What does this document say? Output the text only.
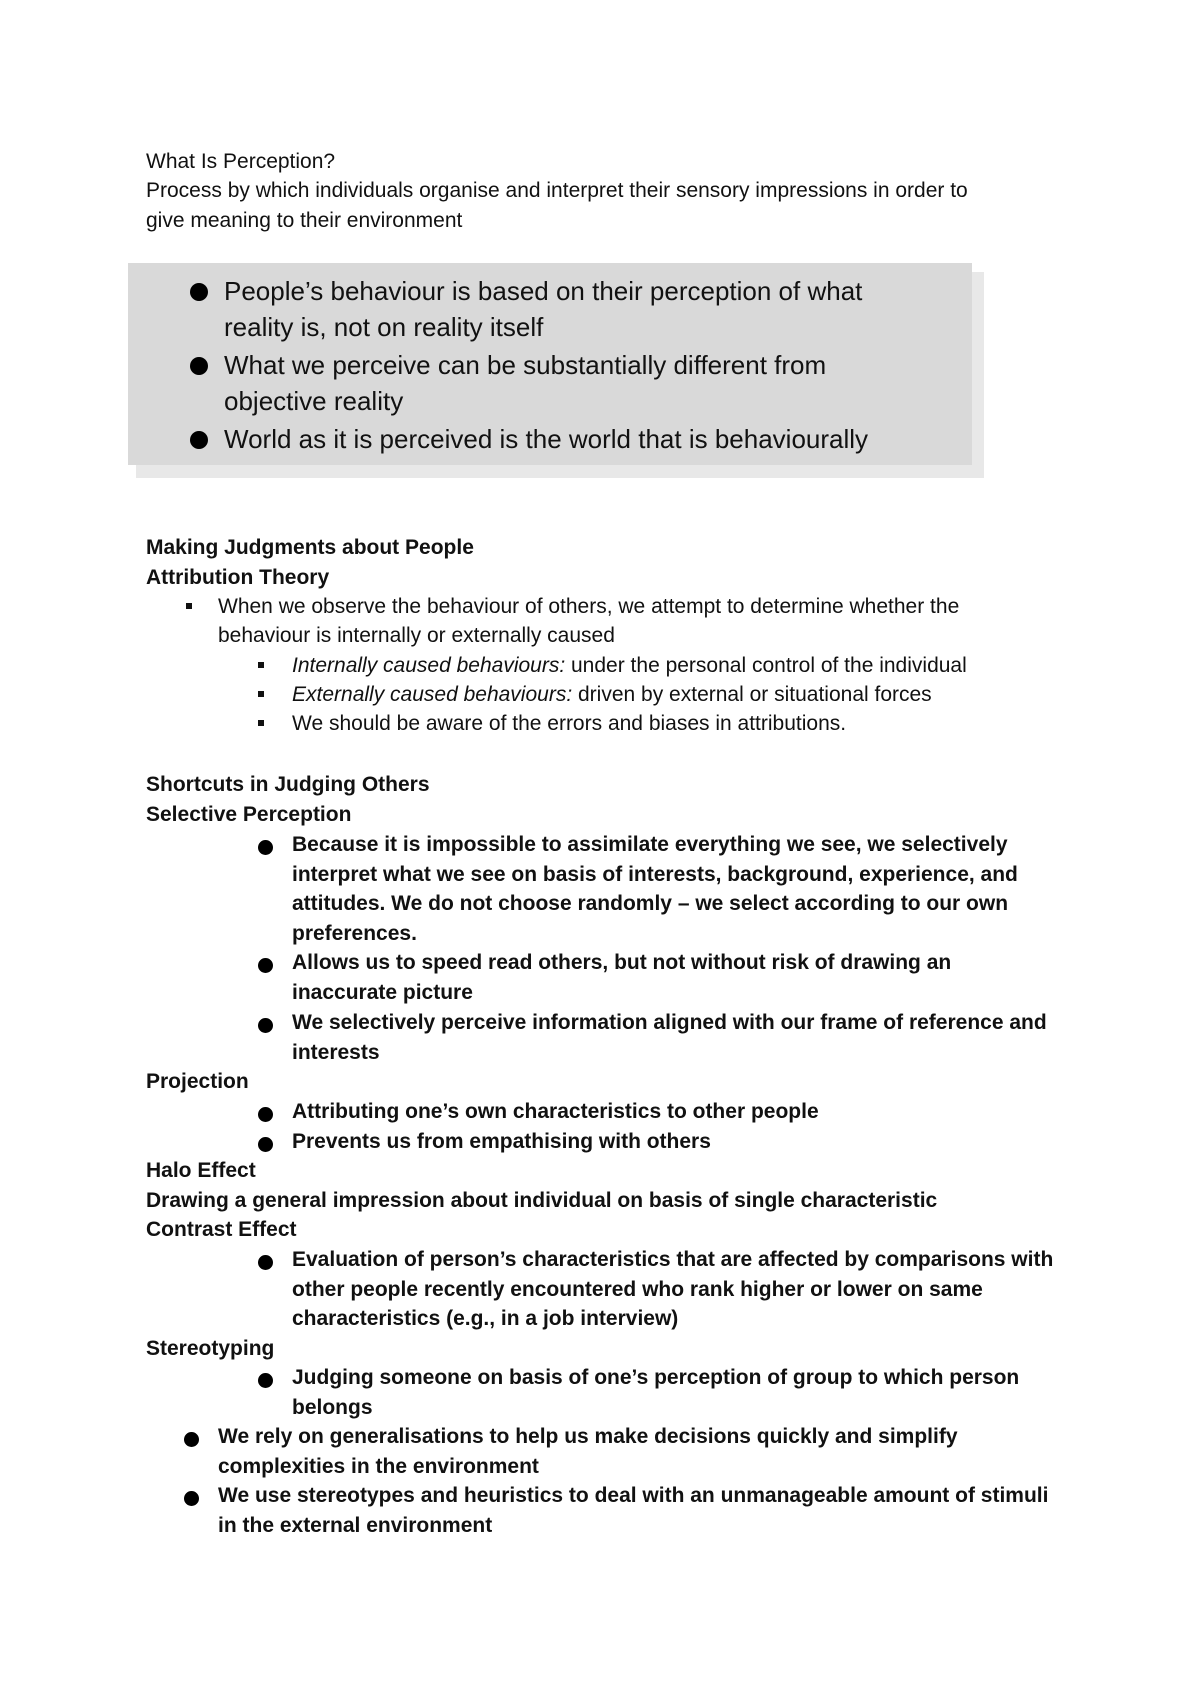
What Is Perception?
Process by which individuals organise and interpret their sensory impressions in order to
give meaning to their environment
People’s behaviour is based on their perception of what
reality is, not on reality itself
What we perceive can be substantially different from
objective reality
World as it is perceived is the world that is behaviourally
Making Judgments about People
Attribution Theory
When we observe the behaviour of others, we attempt to determine whether the
behaviour is internally or externally caused
Internally caused behaviours: under the personal control of the individual
Externally caused behaviours: driven by external or situational forces
We should be aware of the errors and biases in attributions.
Shortcuts in Judging Others
Selective Perception
Because it is impossible to assimilate everything we see, we selectively
interpret what we see on basis of interests, background, experience, and
attitudes. We do not choose randomly – we select according to our own
preferences.
Allows us to speed read others, but not without risk of drawing an
inaccurate picture
We selectively perceive information aligned with our frame of reference and
interests
Projection
Attributing one’s own characteristics to other people
Prevents us from empathising with others
Halo Effect
Drawing a general impression about individual on basis of single characteristic
Contrast Effect
Evaluation of person’s characteristics that are affected by comparisons with
other people recently encountered who rank higher or lower on same
characteristics (e.g., in a job interview)
Stereotyping
Judging someone on basis of one’s perception of group to which person
belongs
We rely on generalisations to help us make decisions quickly and simplify
complexities in the environment
We use stereotypes and heuristics to deal with an unmanageable amount of stimuli
in the external environment
